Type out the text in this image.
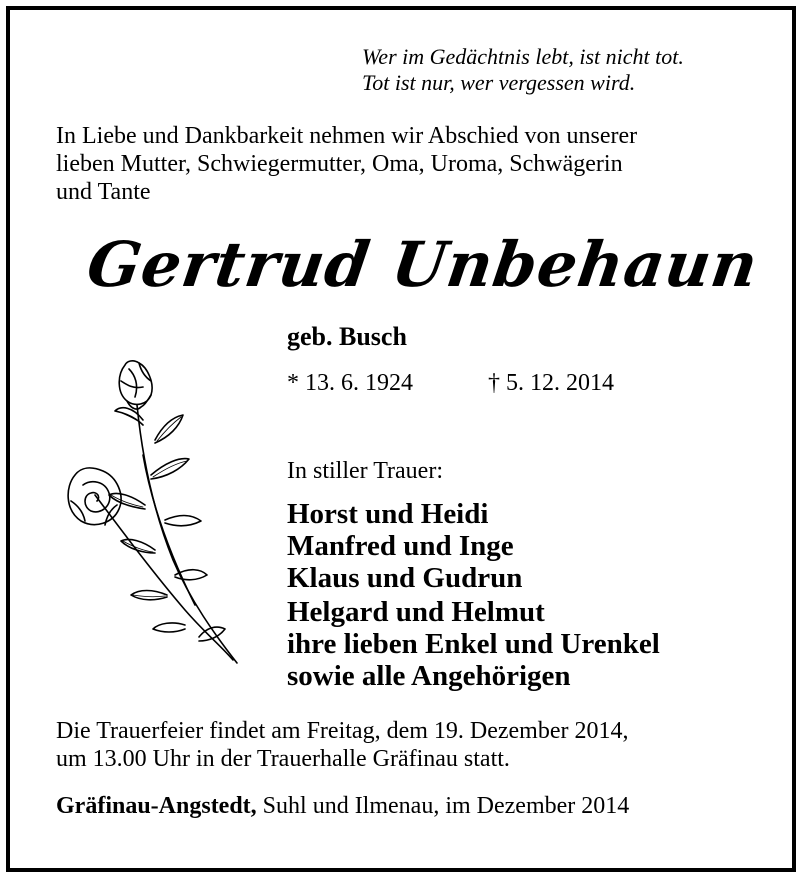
Wer im Gedächtnis lebt, ist nicht tot.

Tot ist nur, wer vergessen wird.

In Liebe und Dankbarkeit nehmen wir Abschied von unserer

lieben Mutter, Schwiegermutter, Oma, Uroma, Schwägerin

und Tante

Gertrud Unbehaun

geb. Busch

* 13. 6. 1924	† 5. 12. 2014

In stiller Trauer:

Horst und Heidi

Manfred und Inge

Klaus und Gudrun

Helgard und Helmut

ihre lieben Enkel und Urenkel

sowie alle Angehörigen

Die Trauerfeier findet am Freitag, dem 19. Dezember 2014,

um 13.00 Uhr in der Trauerhalle Gräfinau statt.

Gräfinau-Angstedt, Suhl und Ilmenau, im Dezember 2014
